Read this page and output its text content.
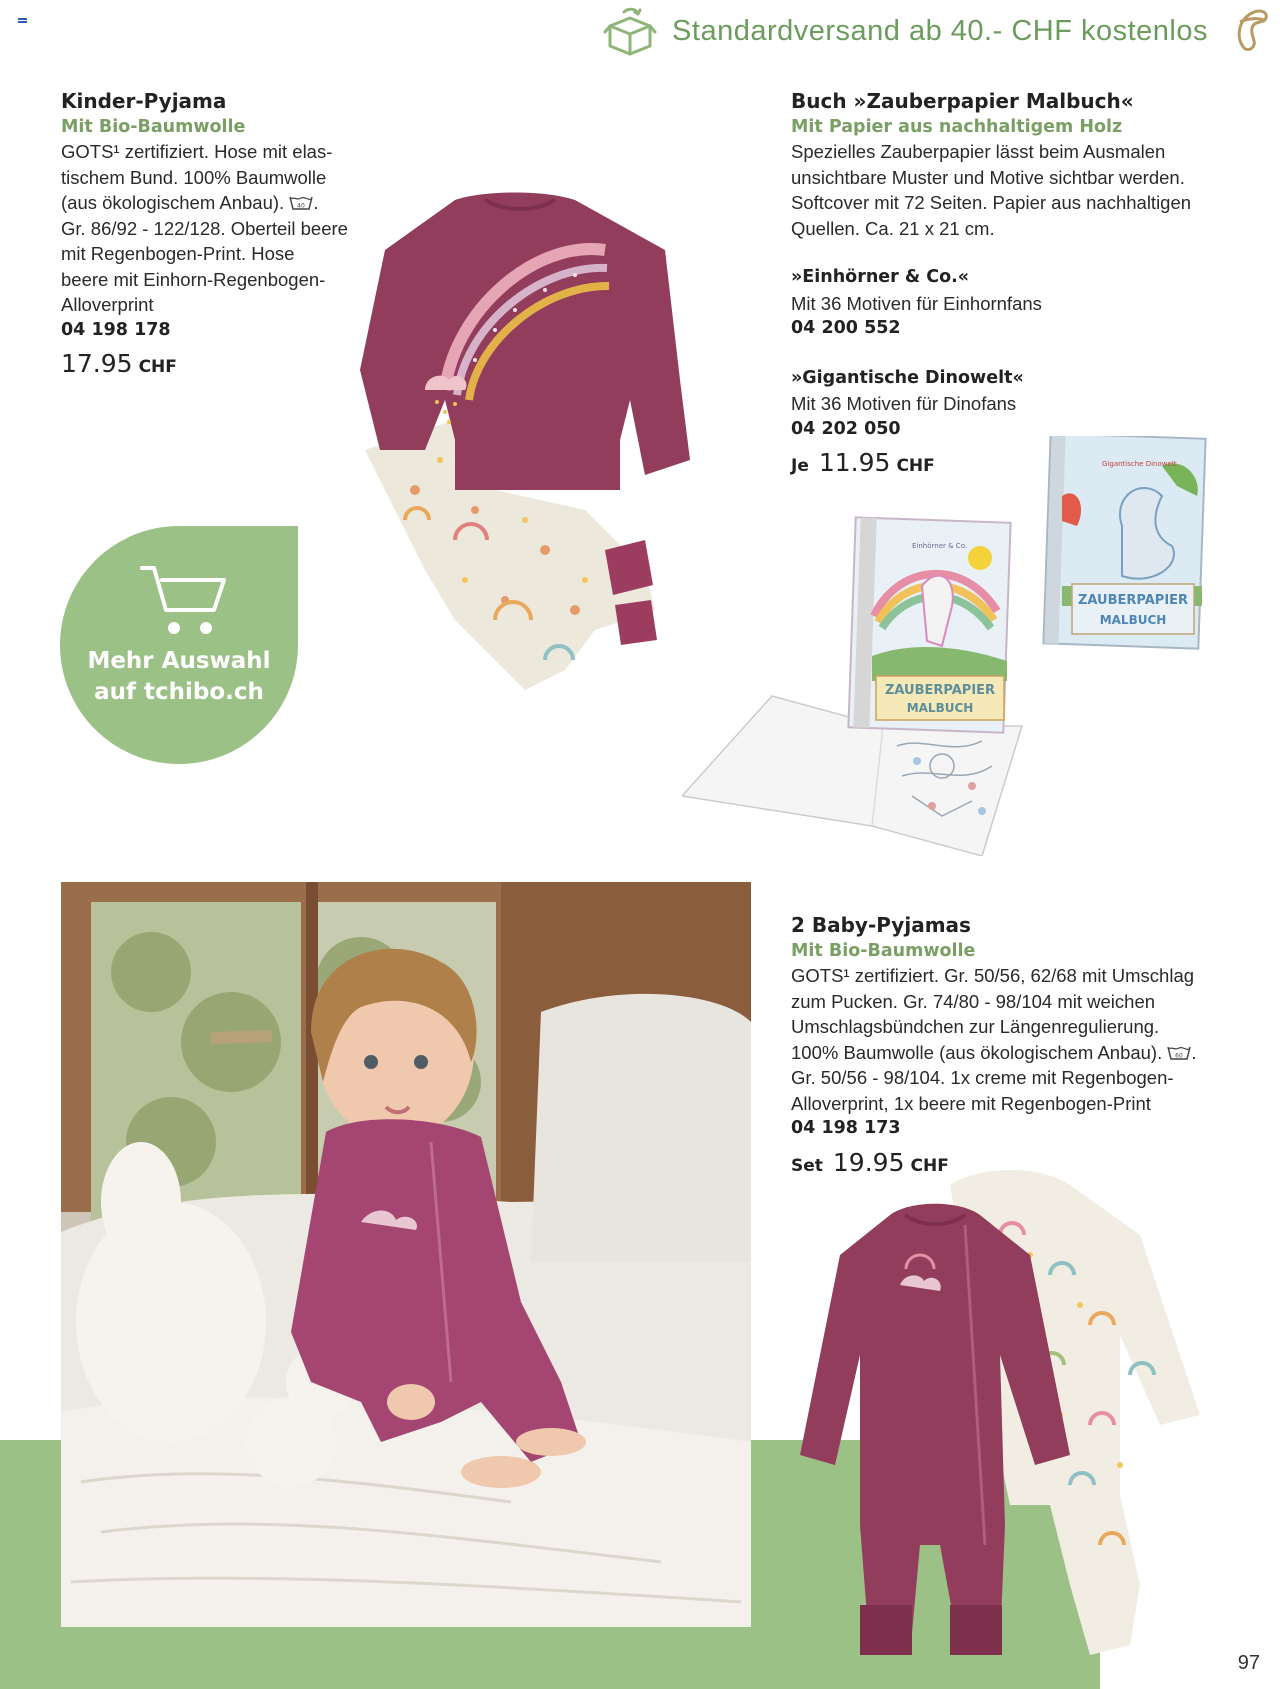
Standardversand ab 40.- CHF kostenlos
Kinder-Pyjama
Mit Bio-Baumwolle
GOTS¹ zertifiziert. Hose mit elas-
tischem Bund. 100% Baumwolle
(aus ökologischem Anbau). 40 .
Gr. 86/92 - 122/128. Oberteil beere
mit Regenbogen-Print. Hose
beere mit Einhorn-Regenbogen-
Alloverprint
04 198 178
17.95 CHF
Mehr Auswahl
auf tchibo.ch
Buch »Zauberpapier Malbuch«
Mit Papier aus nachhaltigem Holz
Spezielles Zauberpapier lässt beim Ausmalen
unsichtbare Muster und Motive sichtbar werden.
Softcover mit 72 Seiten. Papier aus nachhaltigen
Quellen. Ca. 21 x 21 cm.
»Einhörner & Co.«
Mit 36 Motiven für Einhornfans
04 200 552
»Gigantische Dinowelt«
Mit 36 Motiven für Dinofans
04 202 050
Je 11.95 CHF
ZAUBERPAPIER
MALBUCH
Einhörner & Co.
ZAUBERPAPIER
MALBUCH
Gigantische Dinowelt
2 Baby-Pyjamas
Mit Bio-Baumwolle
GOTS¹ zertifiziert. Gr. 50/56, 62/68 mit Umschlag
zum Pucken. Gr. 74/80 - 98/104 mit weichen
Umschlagsbündchen zur Längenregulierung.
100% Baumwolle (aus ökologischem Anbau). 60 .
Gr. 50/56 - 98/104. 1x creme mit Regenbogen-
Alloverprint, 1x beere mit Regenbogen-Print
04 198 173
Set 19.95 CHF
97
